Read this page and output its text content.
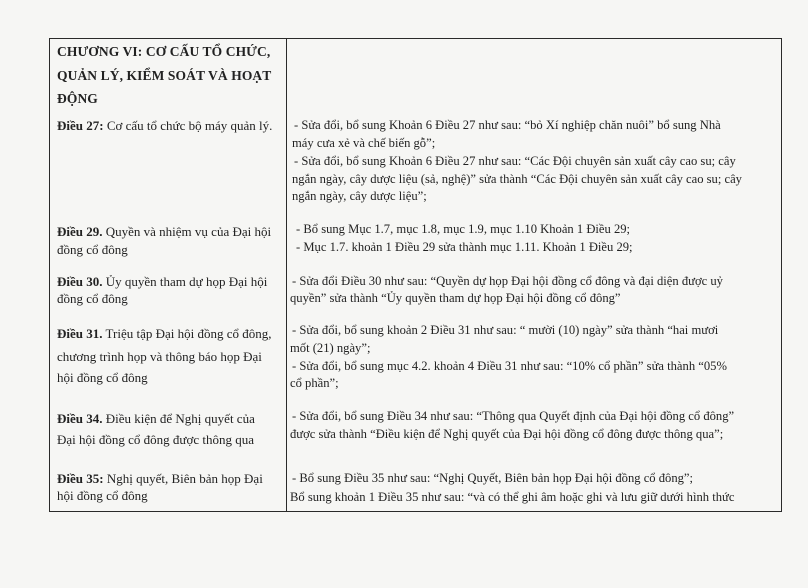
CHƯƠNG VI: CƠ CẤU TỔ CHỨC,
QUẢN LÝ, KIỂM SOÁT VÀ HOẠT
ĐỘNG
Điều 27: Cơ cấu tổ chức bộ máy quản lý. - Sửa đổi, bổ sung Khoản 6 Điều 27 như sau: “bỏ Xí nghiệp chăn nuôi” bổ sung Nhà
máy cưa xẻ và chế biến gỗ”;
- Sửa đổi, bổ sung Khoản 6 Điều 27 như sau: “Các Đội chuyên sản xuất cây cao su; cây
ngắn ngày, cây dược liệu (sả, nghệ)” sửa thành “Các Đội chuyên sản xuất cây cao su; cây
ngắn ngày, cây dược liệu”;
Điều 29. Quyền và nhiệm vụ của Đại hội
đồng cổ đông
- Bổ sung Mục 1.7, mục 1.8, mục 1.9, mục 1.10 Khoản 1 Điều 29;
- Mục 1.7. khoản 1 Điều 29 sửa thành mục 1.11. Khoản 1 Điều 29;
Điều 30. Ủy quyền tham dự họp Đại hội
đồng cổ đông
- Sửa đổi Điều 30 như sau: “Quyền dự họp Đại hội đồng cổ đông và đại diện được uỷ
quyền” sửa thành “Ủy quyền tham dự họp Đại hội đồng cổ đông”
Điều 31. Triệu tập Đại hội đồng cổ đông,
chương trình họp và thông báo họp Đại
hội đồng cổ đông
- Sửa đổi, bổ sung khoản 2 Điều 31 như sau: “ mười (10) ngày” sửa thành “hai mươi
mốt (21) ngày”;
- Sửa đổi, bổ sung mục 4.2. khoản 4 Điều 31 như sau: “10% cổ phần” sửa thành “05%
cổ phần”;
Điều 34. Điều kiện để Nghị quyết của
Đại hội đồng cổ đông được thông qua
- Sửa đổi, bổ sung Điều 34 như sau: “Thông qua Quyết định của Đại hội đồng cổ đông”
được sửa thành “Điều kiện để Nghị quyết của Đại hội đồng cổ đông được thông qua”;
Điều 35: Nghị quyết, Biên bản họp Đại
hội đồng cổ đông
- Bổ sung Điều 35 như sau: “Nghị Quyết, Biên bản họp Đại hội đồng cổ đông”;
Bổ sung khoản 1 Điều 35 như sau: “và có thể ghi âm hoặc ghi và lưu giữ dưới hình thức
